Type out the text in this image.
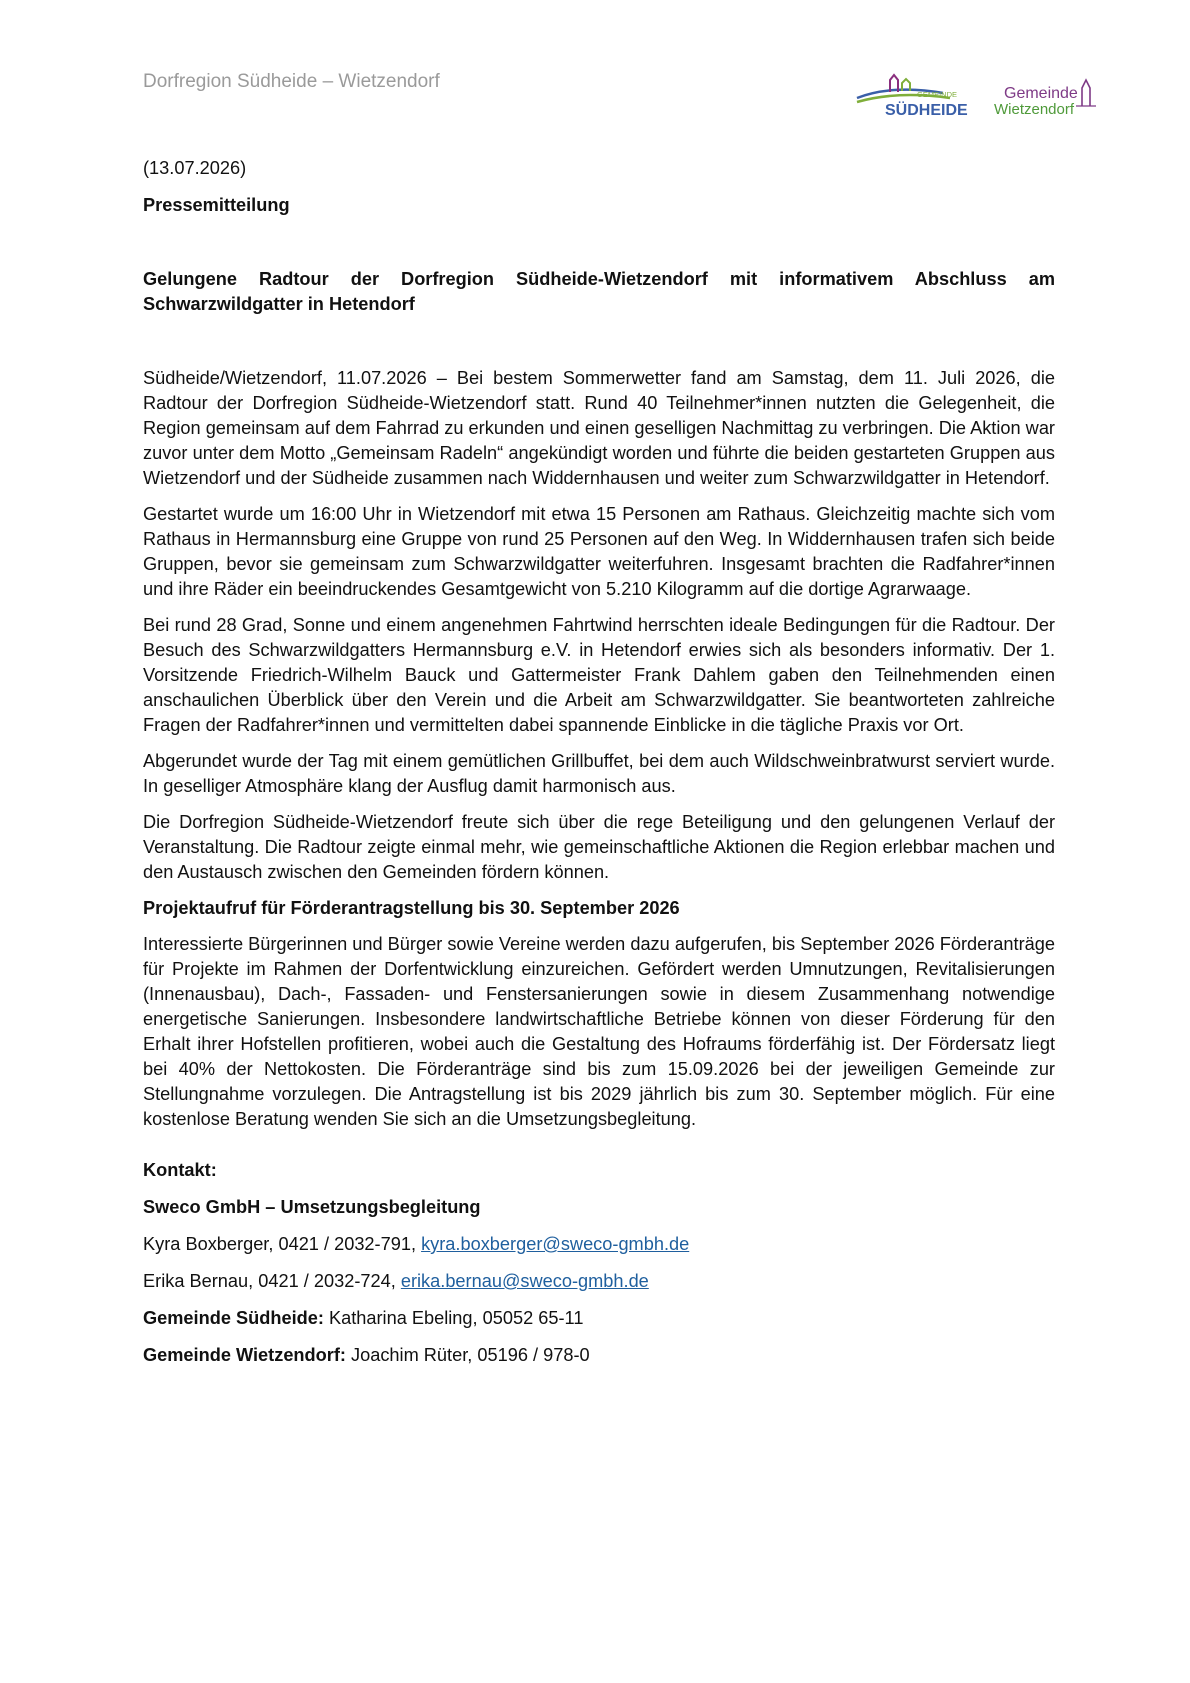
Dorfregion Südheide – Wietzendorf
GEMEINDE
SÜDHEIDE
Gemeinde
Wietzendorf

(13.07.2026)

Pressemitteilung

Gelungene Radtour der Dorfregion Südheide-Wietzendorf mit informativem Abschluss am Schwarzwildgatter in Hetendorf

Südheide/Wietzendorf, 11.07.2026 – Bei bestem Sommerwetter fand am Samstag, dem 11. Juli 2026, die Radtour der Dorfregion Südheide-Wietzendorf statt. Rund 40 Teilnehmer*innen nutzten die Gelegenheit, die Region gemeinsam auf dem Fahrrad zu erkunden und einen geselligen Nachmittag zu verbringen. Die Aktion war zuvor unter dem Motto „Gemeinsam Radeln“ angekündigt worden und führte die beiden gestarteten Gruppen aus Wietzendorf und der Südheide zusammen nach Widdernhausen und weiter zum Schwarzwildgatter in Hetendorf.

Gestartet wurde um 16:00 Uhr in Wietzendorf mit etwa 15 Personen am Rathaus. Gleichzeitig machte sich vom Rathaus in Hermannsburg eine Gruppe von rund 25 Personen auf den Weg. In Widdernhausen trafen sich beide Gruppen, bevor sie gemeinsam zum Schwarzwildgatter weiterfuhren. Insgesamt brachten die Radfahrer*innen und ihre Räder ein beeindruckendes Gesamtgewicht von 5.210 Kilogramm auf die dortige Agrarwaage.

Bei rund 28 Grad, Sonne und einem angenehmen Fahrtwind herrschten ideale Bedingungen für die Radtour. Der Besuch des Schwarzwildgatters Hermannsburg e.V. in Hetendorf erwies sich als besonders informativ. Der 1. Vorsitzende Friedrich-Wilhelm Bauck und Gattermeister Frank Dahlem gaben den Teilnehmenden einen anschaulichen Überblick über den Verein und die Arbeit am Schwarzwildgatter. Sie beantworteten zahlreiche Fragen der Radfahrer*innen und vermittelten dabei spannende Einblicke in die tägliche Praxis vor Ort.

Abgerundet wurde der Tag mit einem gemütlichen Grillbuffet, bei dem auch Wildschweinbratwurst serviert wurde. In geselliger Atmosphäre klang der Ausflug damit harmonisch aus.

Die Dorfregion Südheide-Wietzendorf freute sich über die rege Beteiligung und den gelungenen Verlauf der Veranstaltung. Die Radtour zeigte einmal mehr, wie gemeinschaftliche Aktionen die Region erlebbar machen und den Austausch zwischen den Gemeinden fördern können.

Projektaufruf für Förderantragstellung bis 30. September 2026

Interessierte Bürgerinnen und Bürger sowie Vereine werden dazu aufgerufen, bis September 2026 Förderanträge für Projekte im Rahmen der Dorfentwicklung einzureichen. Gefördert werden Umnutzungen, Revitalisierungen (Innenausbau), Dach-, Fassaden- und Fenstersanierungen sowie in diesem Zusammenhang notwendige energetische Sanierungen. Insbesondere landwirtschaftliche Betriebe können von dieser Förderung für den Erhalt ihrer Hofstellen profitieren, wobei auch die Gestaltung des Hofraums förderfähig ist. Der Fördersatz liegt bei 40% der Nettokosten. Die Förderanträge sind bis zum 15.09.2026 bei der jeweiligen Gemeinde zur Stellungnahme vorzulegen. Die Antragstellung ist bis 2029 jährlich bis zum 30. September möglich. Für eine kostenlose Beratung wenden Sie sich an die Umsetzungsbegleitung.

Kontakt:

Sweco GmbH – Umsetzungsbegleitung

Kyra Boxberger, 0421 / 2032-791, kyra.boxberger@sweco-gmbh.de

Erika Bernau, 0421 / 2032-724, erika.bernau@sweco-gmbh.de

Gemeinde Südheide: Katharina Ebeling, 05052 65-11

Gemeinde Wietzendorf: Joachim Rüter, 05196 / 978-0
